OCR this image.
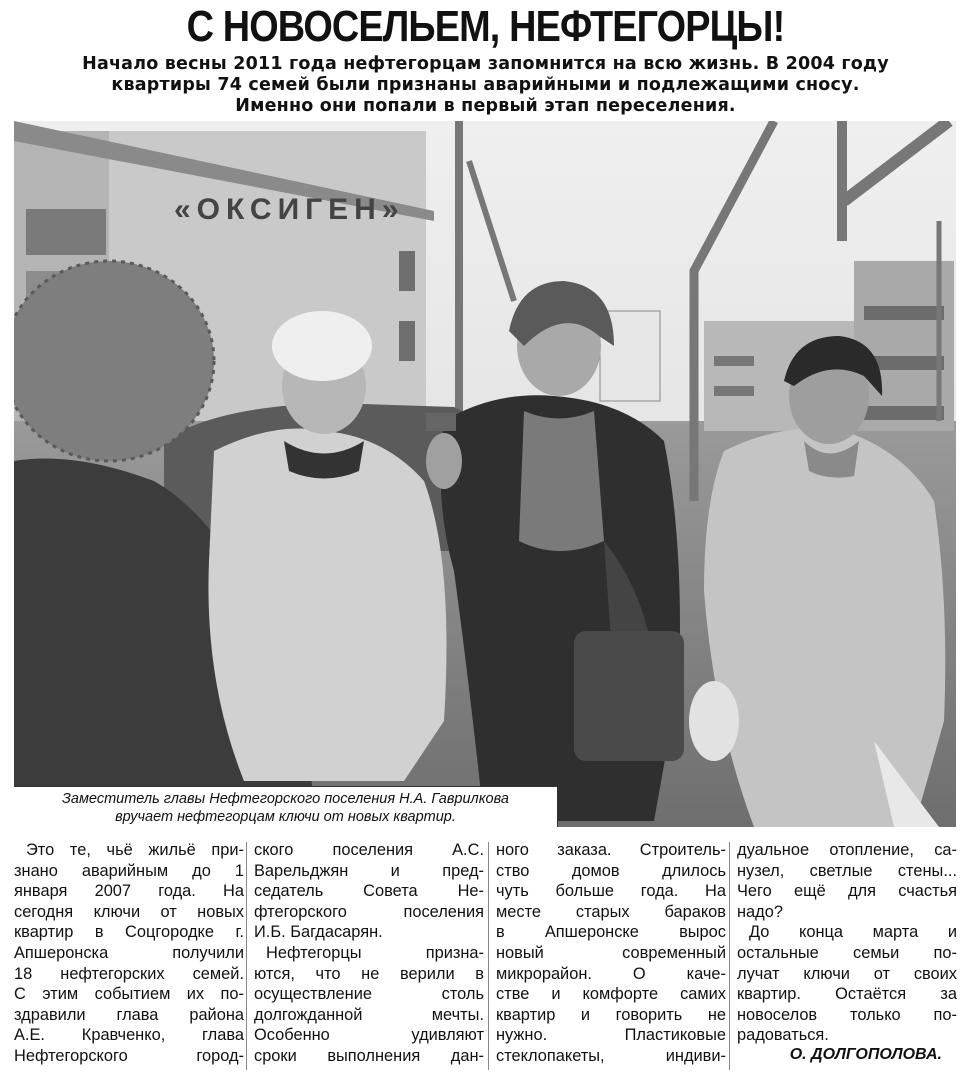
С НОВОСЕЛЬЕМ, НЕФТЕГОРЦЫ!
Начало весны 2011 года нефтегорцам запомнится на всю жизнь. В 2004 году
квартиры 74 семей были признаны аварийными и подлежащими сносу.
Именно они попали в первый этап переселения.
«ОКСИГЕН»
Заместитель главы Нефтегорского поселения Н.А. Гаврилкова
вручает нефтегорцам ключи от новых квартир.
Это те, чьё жильё при-
знано аварийным до 1
января 2007 года. На
сегодня ключи от новых
квартир в Соцгородке г.
Апшеронска получили
18 нефтегорских семей.
С этим событием их по-
здравили глава района
А.Е. Кравченко, глава
Нефтегорского город-
ского поселения А.С.
Варельджян и пред-
седатель Совета Не-
фтегорского поселения
И.Б. Багдасарян.
Нефтегорцы призна-
ются, что не верили в
осуществление столь
долгожданной мечты.
Особенно удивляют
сроки выполнения дан-
ного заказа. Строитель-
ство домов длилось
чуть больше года. На
месте старых бараков
в Апшеронске вырос
новый современный
микрорайон. О каче-
стве и комфорте самих
квартир и говорить не
нужно. Пластиковые
стеклопакеты, индиви-
дуальное отопление, са-
нузел, светлые стены...
Чего ещё для счастья
надо?
До конца марта и
остальные семьи по-
лучат ключи от своих
квартир. Остаётся за
новоселов только по-
радоваться.
О. ДОЛГОПОЛОВА.
